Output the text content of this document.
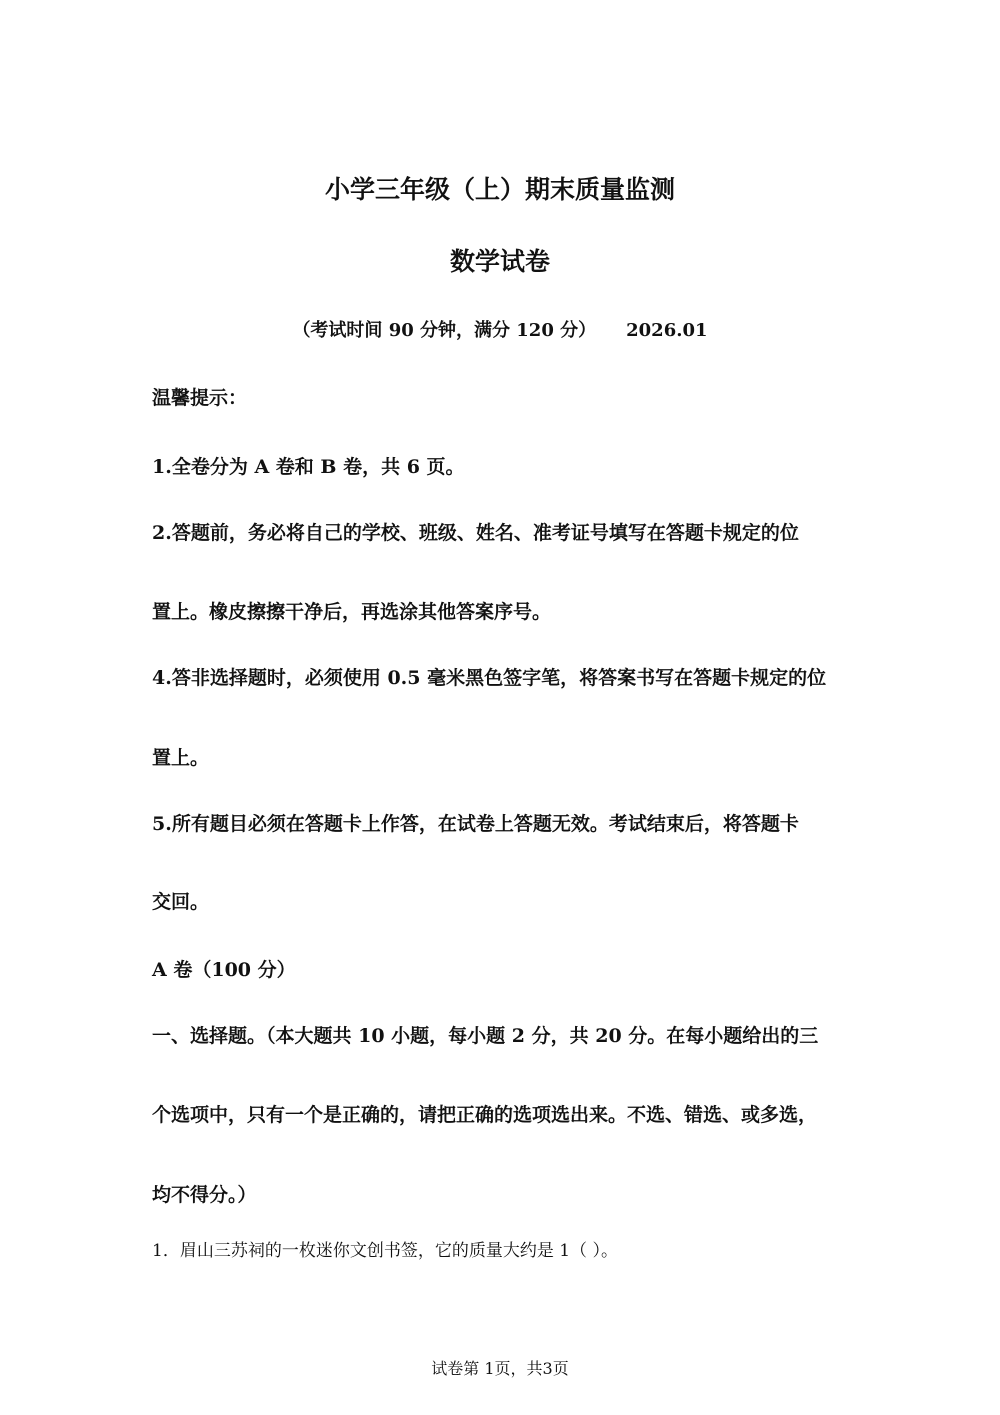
小学三年级（上）期末质量监测
数学试卷
（考试时间 90 分钟，满分 120 分） 2026.01
温馨提示：
1.全卷分为 A 卷和 B 卷，共 6 页。
2.答题前，务必将自己的学校、班级、姓名、准考证号填写在答题卡规定的位
置上。橡皮擦擦干净后，再选涂其他答案序号。
4.答非选择题时，必须使用 0.5 毫米黑色签字笔，将答案书写在答题卡规定的位
置上。
5.所有题目必须在答题卡上作答，在试卷上答题无效。考试结束后，将答题卡
交回。
A 卷（100 分）
一、选择题。（本大题共 10 小题，每小题 2 分，共 20 分。在每小题给出的三
个选项中，只有一个是正确的，请把正确的选项选出来。不选、错选、或多选，
均不得分。）
1．眉山三苏祠的一枚迷你文创书签，它的质量大约是 1（ ）。
试卷第 1页，共3页
